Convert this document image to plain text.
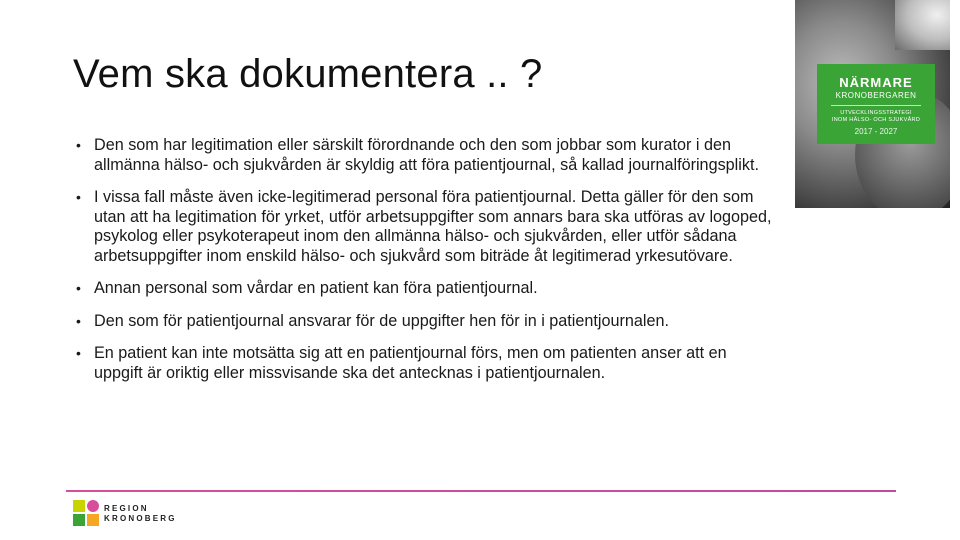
Vem ska dokumentera .. ?
• Den som har legitimation eller särskilt förordnande och den som jobbar som kurator i den allmänna hälso- och sjukvården är skyldig att föra patientjournal, så kallad journalföringsplikt.
• I vissa fall måste även icke-legitimerad personal föra patientjournal. Detta gäller för den som utan att ha legitimation för yrket, utför arbetsuppgifter som annars bara ska utföras av logoped, psykolog eller psykoterapeut inom den allmänna hälso- och sjukvården, eller utför sådana arbetsuppgifter inom enskild hälso- och sjukvård som biträde åt legitimerad yrkesutövare.
• Annan personal som vårdar en patient kan föra patientjournal.
• Den som för patientjournal ansvarar för de uppgifter hen för in i patientjournalen.
• En patient kan inte motsätta sig att en patientjournal förs, men om patienten anser att en uppgift är oriktig eller missvisande ska det antecknas i patientjournalen.
NÄRMARE
KRONOBERGAREN
UTVECKLINGSSTRATEGI
INOM HÄLSO- OCH SJUKVÅRD
2017 - 2027
REGION
KRONOBERG
